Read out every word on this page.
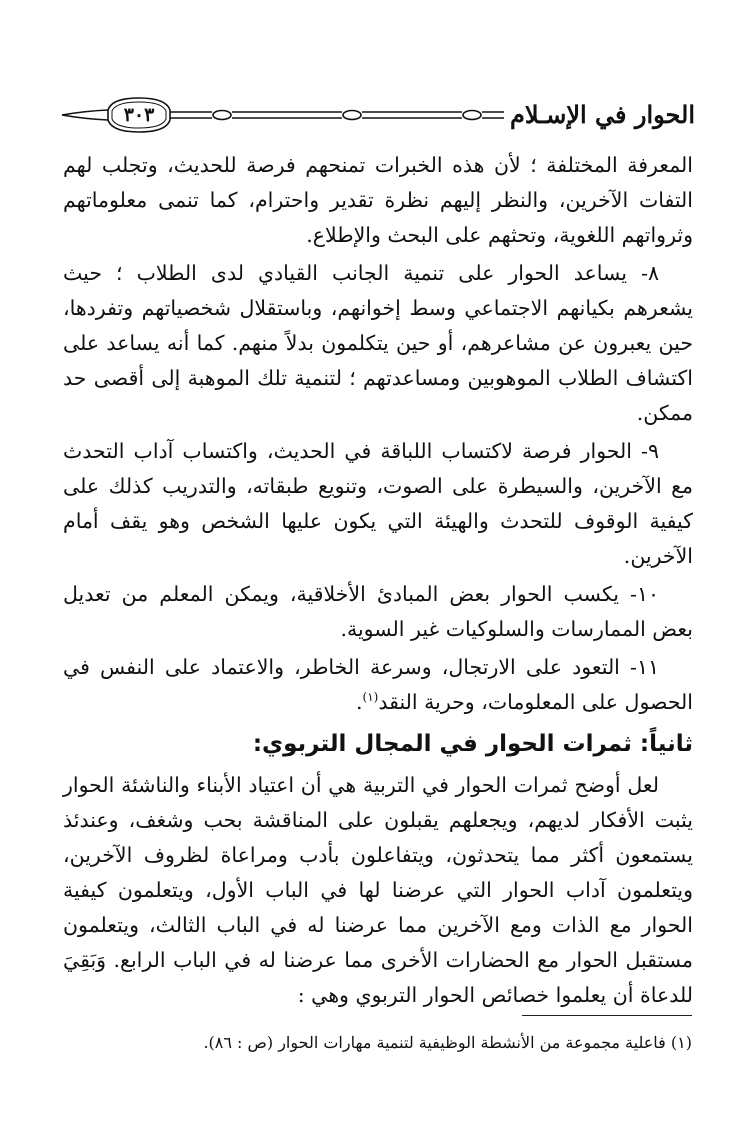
٣٠٣	الحوار في الإسـلام

المعرفة المختلفة ؛ لأن هذه الخبرات تمنحهم فرصة للحديث، وتجلب لهم التفات الآخرين، والنظر إليهم نظرة تقدير واحترام، كما تنمى معلوماتهم وثرواتهم اللغوية، وتحثهم على البحث والإطلاع.

٨- يساعد الحوار على تنمية الجانب القيادي لدى الطلاب ؛ حيث يشعرهم بكيانهم الاجتماعي وسط إخوانهم، وباستقلال شخصياتهم وتفردها، حين يعبرون عن مشاعرهم، أو حين يتكلمون بدلاً منهم. كما أنه يساعد على اكتشاف الطلاب الموهوبين ومساعدتهم ؛ لتنمية تلك الموهبة إلى أقصى حد ممكن.

٩- الحوار فرصة لاكتساب اللباقة في الحديث، واكتساب آداب التحدث مع الآخرين، والسيطرة على الصوت، وتنويع طبقاته، والتدريب كذلك على كيفية الوقوف للتحدث والهيئة التي يكون عليها الشخص وهو يقف أمام الآخرين.

١٠- يكسب الحوار بعض المبادئ الأخلاقية، ويمكن المعلم من تعديل بعض الممارسات والسلوكيات غير السوية.

١١- التعود على الارتجال، وسرعة الخاطر، والاعتماد على النفس في الحصول على المعلومات، وحرية النقد$^{(١)}$.

ثانياً: ثمرات الحوار في المجال التربوي:

لعل أوضح ثمرات الحوار في التربية هي أن اعتياد الأبناء والناشئة الحوار يثبت الأفكار لديهم، ويجعلهم يقبلون على المناقشة بحب وشغف، وعندئذ يستمعون أكثر مما يتحدثون، ويتفاعلون بأدب ومراعاة لظروف الآخرين، ويتعلمون آداب الحوار التي عرضنا لها في الباب الأول، ويتعلمون كيفية الحوار مع الذات ومع الآخرين مما عرضنا له في الباب الثالث، ويتعلمون مستقبل الحوار مع الحضارات الأخرى مما عرضنا له في الباب الرابع. وَبَقِيَ للدعاة أن يعلموا خصائص الحوار التربوي وهي :

(١) فاعلية مجموعة من الأنشطة الوظيفية لتنمية مهارات الحوار (ص : ٨٦).
